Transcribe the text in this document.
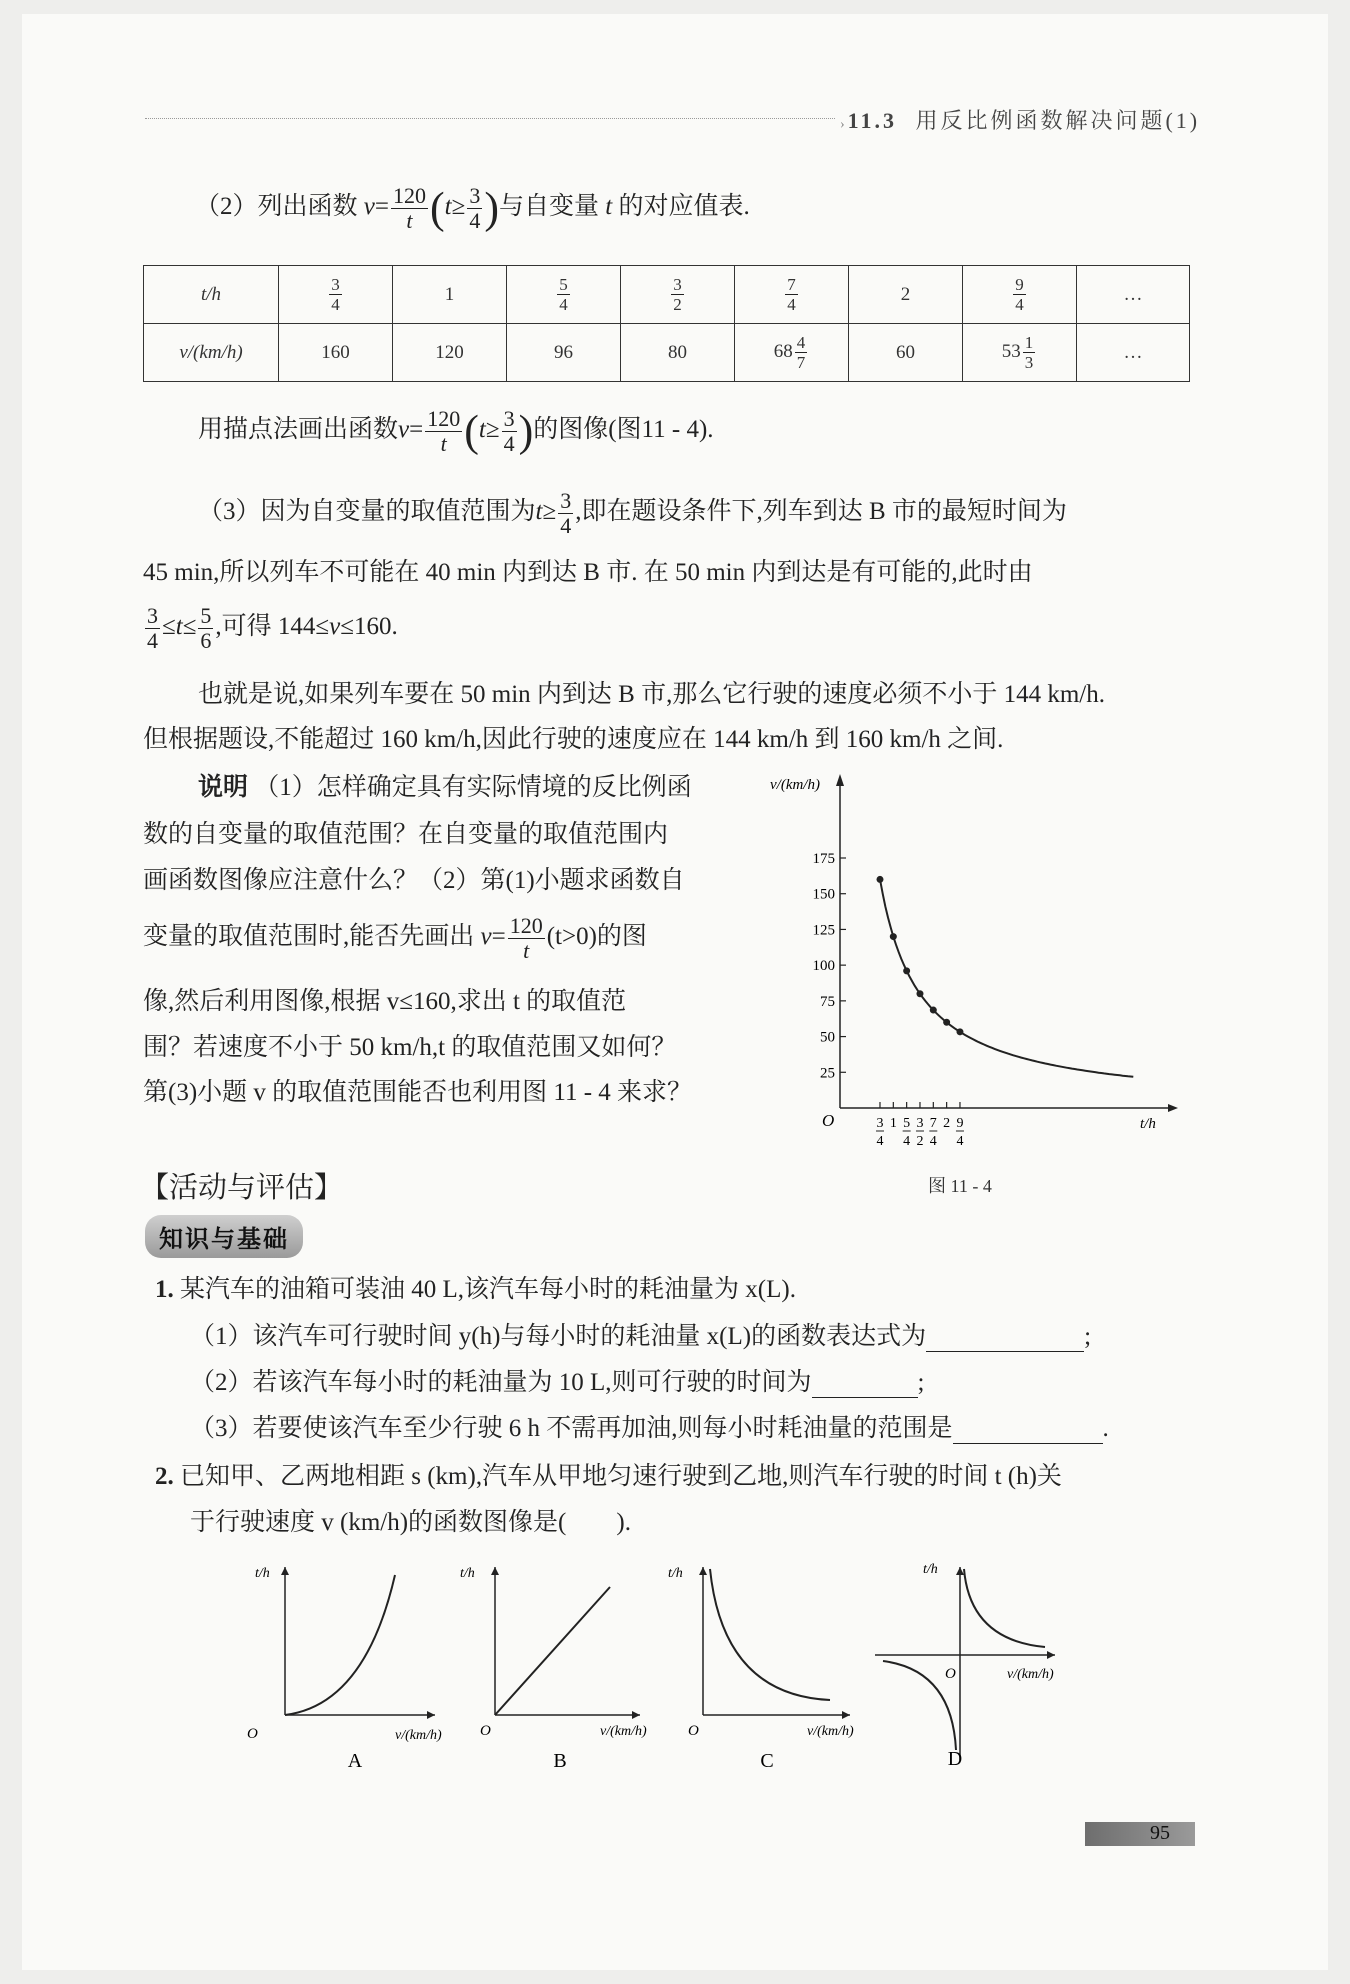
›11.3 用反比例函数解决问题(1)
（2）列出函数 $v= \frac{120}{t} (t\ge \frac{3}{4}$ )与自变量 t 的对应值表.
t/h	$\frac{3}{4}$	1	$\frac{5}{4}$	$\frac{3}{2}$	$\frac{7}{4}$	2	$\frac{9}{4}$	…
v/(km/h)	160	120	96	80	$68 \frac{4}{7}$	60	$53 \frac{1}{3}$	…
用描点法画出函数$v= \frac{120}{t} (t\ge \frac{3}{4}$ )的图像(图11 - 4).
（3）因为自变量的取值范围为$t\ge \frac{3}{4}$ ,即在题设条件下,列车到达 B 市的最短时间为
45 min,所以列车不可能在 40 min 内到达 B 市. 在 50 min 内到达是有可能的,此时由
$\frac{3}{4} \le t\le \frac{5}{6}$ ,可得 144≤v≤160.
也就是说,如果列车要在 50 min 内到达 B 市,那么它行驶的速度必须不小于 144 km/h.
但根据题设,不能超过 160 km/h,因此行驶的速度应在 144 km/h 到 160 km/h 之间.
说明 （1）怎样确定具有实际情境的反比例函
数的自变量的取值范围？在自变量的取值范围内
画函数图像应注意什么？（2）第(1)小题求函数自
变量的取值范围时,能否先画出 $v= \frac{120}{t} (t>0)$的图
像,然后利用图像,根据 v≤160,求出 t 的取值范
围？若速度不小于 50 km/h,t 的取值范围又如何？
第(3)小题 v 的取值范围能否也利用图 11 - 4 来求？
25
50
75
100
125
150
175
3
4
1 5
4
3
2
7
4
2 9
4
v/(km/h)
t/h
O
图 11 - 4
【活动与评估】
知识与基础
1. 某汽车的油箱可装油 40 L,该汽车每小时的耗油量为 x(L).
（1）该汽车可行驶时间 y(h)与每小时的耗油量 x(L)的函数表达式为	;
（2）若该汽车每小时的耗油量为 10 L,则可行驶的时间为	;
（3）若要使该汽车至少行驶 6 h 不需再加油,则每小时耗油量的范围是	.
2. 已知甲、乙两地相距 s (km),汽车从甲地匀速行驶到乙地,则汽车行驶的时间 t (h)关
于行驶速度 v (km/h)的函数图像是(　　).
t/h
v/(km/h)
O
A
t/h
v/(km/h)
O
B
t/h
v/(km/h)
O
C
t/h
v/(km/h)
O
D
95
